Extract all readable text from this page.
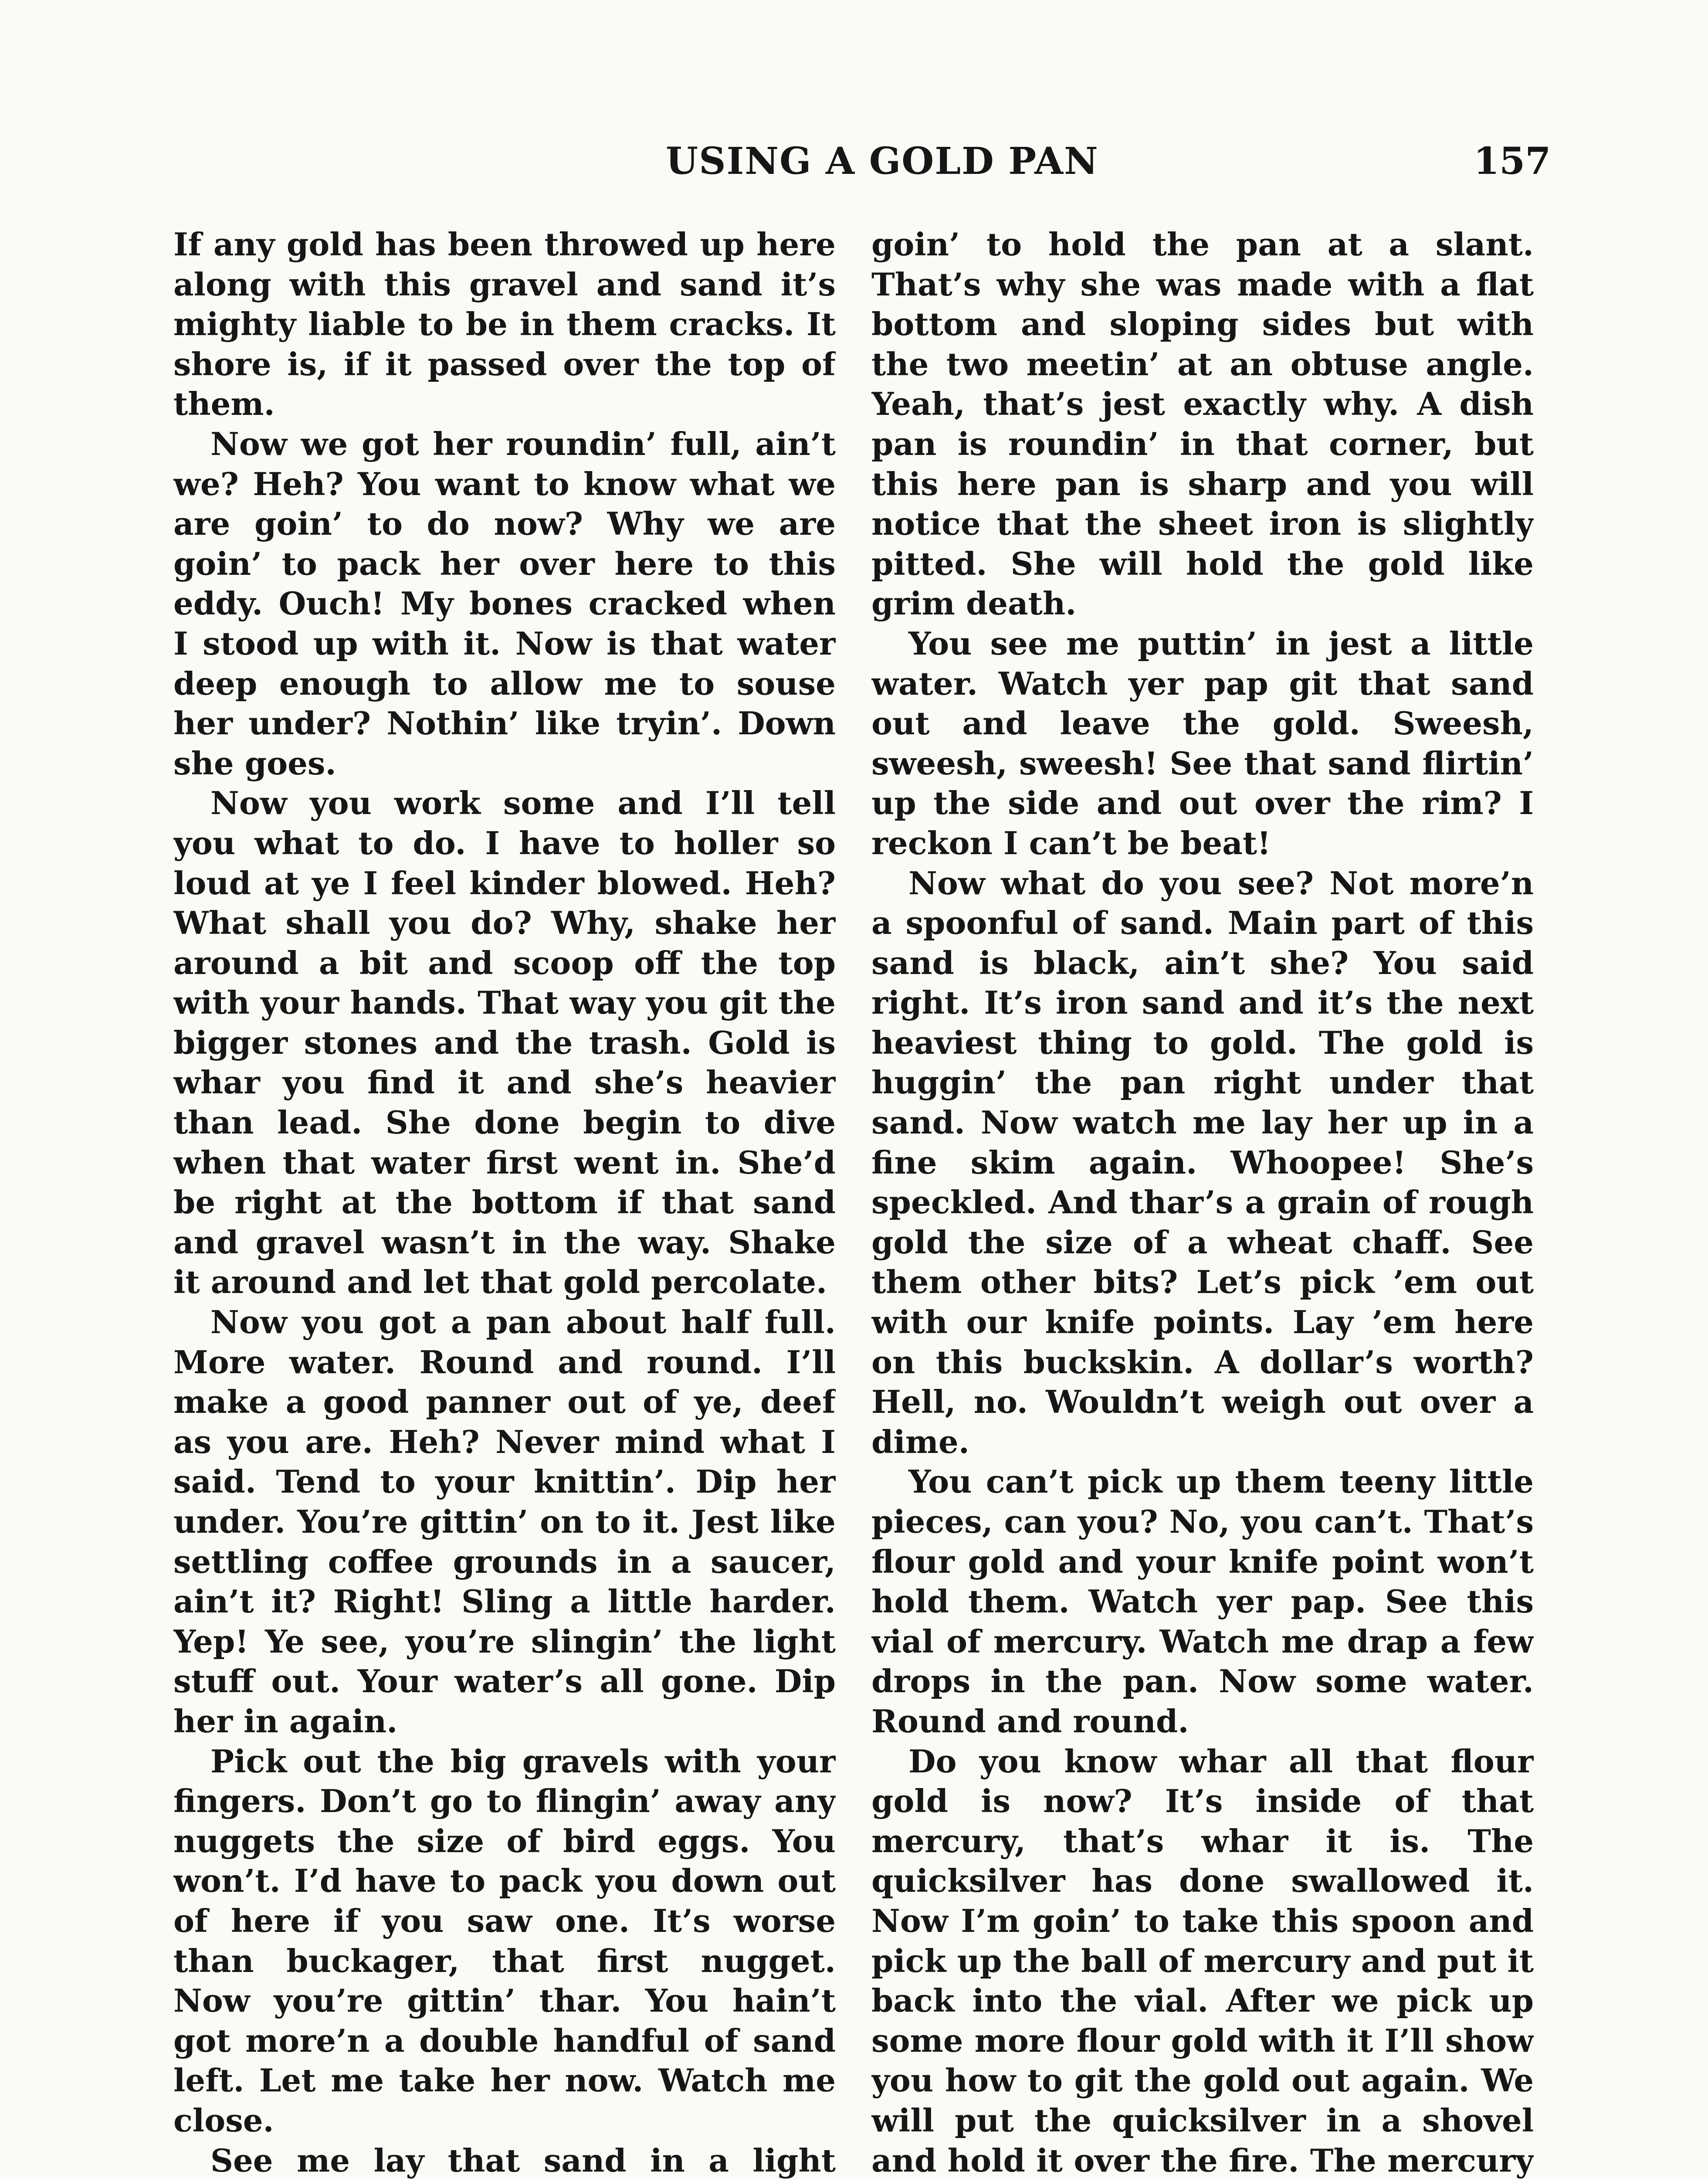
USING A GOLD PAN	157

If any gold has been throwed up here along with this gravel and sand it’s mighty liable to be in them cracks. It shore is, if it passed over the top of them.

Now we got her roundin’ full, ain’t we? Heh? You want to know what we are goin’ to do now? Why we are goin’ to pack her over here to this eddy. Ouch! My bones cracked when I stood up with it. Now is that water deep enough to allow me to souse her under? Nothin’ like tryin’. Down she goes.

Now you work some and I’ll tell you what to do. I have to holler so loud at ye I feel kinder blowed. Heh? What shall you do? Why, shake her around a bit and scoop off the top with your hands. That way you git the bigger stones and the trash. Gold is whar you find it and she’s heavier than lead. She done begin to dive when that water first went in. She’d be right at the bottom if that sand and gravel wasn’t in the way. Shake it around and let that gold percolate.

Now you got a pan about half full. More water. Round and round. I’ll make a good panner out of ye, deef as you are. Heh? Never mind what I said. Tend to your knittin’. Dip her under. You’re gittin’ on to it. Jest like settling coffee grounds in a saucer, ain’t it? Right! Sling a little harder. Yep! Ye see, you’re slingin’ the light stuff out. Your water’s all gone. Dip her in again.

Pick out the big gravels with your fingers. Don’t go to flingin’ away any nuggets the size of bird eggs. You won’t. I’d have to pack you down out of here if you saw one. It’s worse than buckager, that first nugget. Now you’re gittin’ thar. You hain’t got more’n a double handful of sand left. Let me take her now. Watch me close.

See me lay that sand in a light

goin’ to hold the pan at a slant. That’s why she was made with a flat bottom and sloping sides but with the two meetin’ at an obtuse angle. Yeah, that’s jest exactly why. A dish pan is roundin’ in that corner, but this here pan is sharp and you will notice that the sheet iron is slightly pitted. She will hold the gold like grim death.

You see me puttin’ in jest a little water. Watch yer pap git that sand out and leave the gold. Sweesh, sweesh, sweesh! See that sand flirtin’ up the side and out over the rim? I reckon I can’t be beat!

Now what do you see? Not more’n a spoonful of sand. Main part of this sand is black, ain’t she? You said right. It’s iron sand and it’s the next heaviest thing to gold. The gold is huggin’ the pan right under that sand. Now watch me lay her up in a fine skim again. Whoopee! She’s speckled. And thar’s a grain of rough gold the size of a wheat chaff. See them other bits? Let’s pick ’em out with our knife points. Lay ’em here on this buckskin. A dollar’s worth? Hell, no. Wouldn’t weigh out over a dime.

You can’t pick up them teeny little pieces, can you? No, you can’t. That’s flour gold and your knife point won’t hold them. Watch yer pap. See this vial of mercury. Watch me drap a few drops in the pan. Now some water. Round and round.

Do you know whar all that flour gold is now? It’s inside of that mercury, that’s whar it is. The quicksilver has done swallowed it. Now I’m goin’ to take this spoon and pick up the ball of mercury and put it back into the vial. After we pick up some more flour gold with it I’ll show you how to git the gold out again. We will put the quicksilver in a shovel and hold it over the fire. The mercury
